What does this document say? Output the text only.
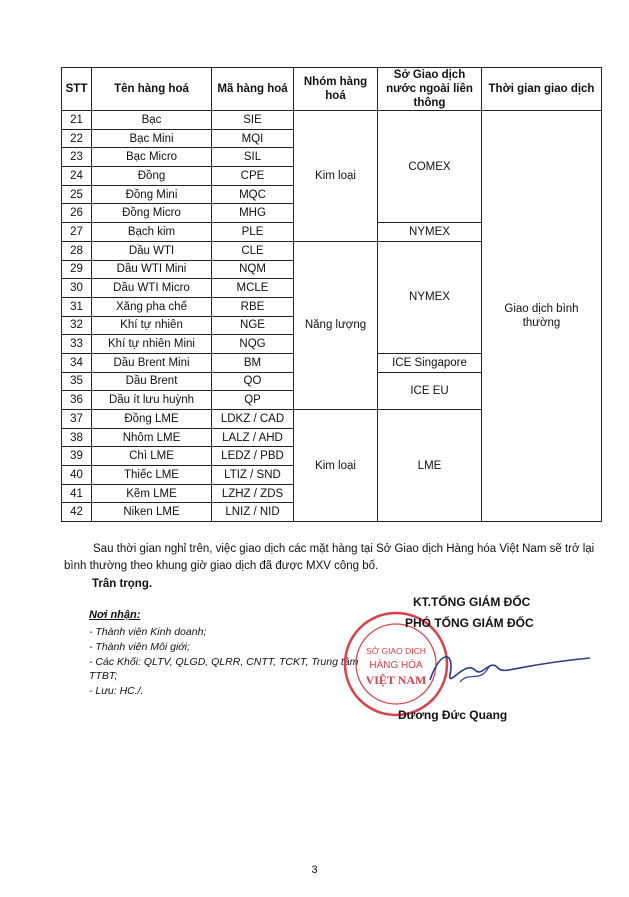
STT	Tên hàng hoá	Mã hàng hoá	Nhóm hàng hoá	Sở Giao dịch nước ngoài liên thông	Thời gian giao dịch
21	Bạc	SIE	Kim loại	COMEX	Giao dịch bình thường
22	Bạc Mini	MQI			
23	Bạc Micro	SIL			
24	Đồng	CPE			
25	Đồng Mini	MQC			
26	Đồng Micro	MHG			
27	Bạch kim	PLE		NYMEX	
28	Dầu WTI	CLE	Năng lượng	NYMEX	
29	Dầu WTI Mini	NQM			
30	Dầu WTI Micro	MCLE			
31	Xăng pha chế	RBE			
32	Khí tự nhiên	NGE			
33	Khí tự nhiên Mini	NQG			
34	Dầu Brent Mini	BM		ICE Singapore	
35	Dầu Brent	QO		ICE EU	
36	Dầu ít lưu huỳnh	QP			
37	Đồng LME	LDKZ / CAD	Kim loại	LME	
38	Nhôm LME	LALZ / AHD			
39	Chì LME	LEDZ / PBD			
40	Thiếc LME	LTIZ / SND			
41	Kẽm LME	LZHZ / ZDS			
42	Niken LME	LNIZ / NID			

Sau thời gian nghỉ trên, việc giao dịch các mặt hàng tại Sở Giao dịch Hàng hóa Việt Nam sẽ trở lại bình thường theo khung giờ giao dịch đã được MXV công bố.

Trân trọng.

Nơi nhận:
- Thành viên Kinh doanh;
- Thành viên Môi giới;
- Các Khối: QLTV, QLGD, QLRR, CNTT, TCKT, Trung tâm TTBT;
- Lưu: HC./.
SỞ GIAO DỊCH
HÀNG HÓA
VIỆT NAM
KT.TỔNG GIÁM ĐỐC
PHÓ TỔNG GIÁM ĐỐC
Dương Đức Quang
3
